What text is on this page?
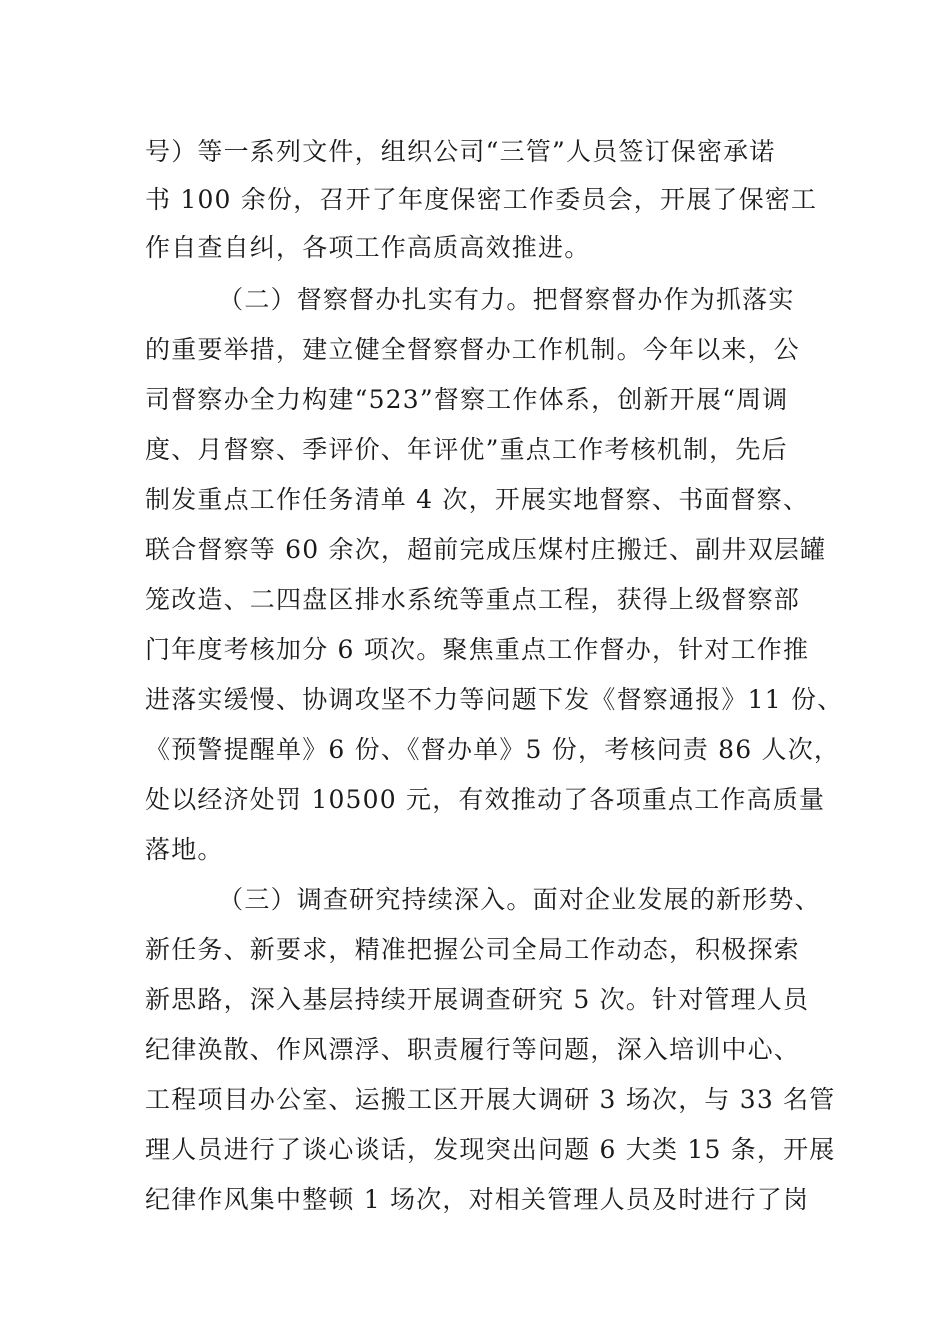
号）等一系列文件，组织公司“三管”人员签订保密承诺
书 100 余份，召开了年度保密工作委员会，开展了保密工
作自查自纠，各项工作高质高效推进。
（二）督察督办扎实有力。把督察督办作为抓落实
的重要举措，建立健全督察督办工作机制。今年以来，公
司督察办全力构建“523”督察工作体系，创新开展“周调
度、月督察、季评价、年评优”重点工作考核机制，先后
制发重点工作任务清单 4 次，开展实地督察、书面督察、
联合督察等 60 余次，超前完成压煤村庄搬迁、副井双层罐
笼改造、二四盘区排水系统等重点工程，获得上级督察部
门年度考核加分 6 项次。聚焦重点工作督办，针对工作推
进落实缓慢、协调攻坚不力等问题下发《督察通报》11 份、
《预警提醒单》6 份、《督办单》5 份，考核问责 86 人次，
处以经济处罚 10500 元，有效推动了各项重点工作高质量
落地。
（三）调查研究持续深入。面对企业发展的新形势、
新任务、新要求，精准把握公司全局工作动态，积极探索
新思路，深入基层持续开展调查研究 5 次。针对管理人员
纪律涣散、作风漂浮、职责履行等问题，深入培训中心、
工程项目办公室、运搬工区开展大调研 3 场次，与 33 名管
理人员进行了谈心谈话，发现突出问题 6 大类 15 条，开展
纪律作风集中整顿 1 场次，对相关管理人员及时进行了岗
